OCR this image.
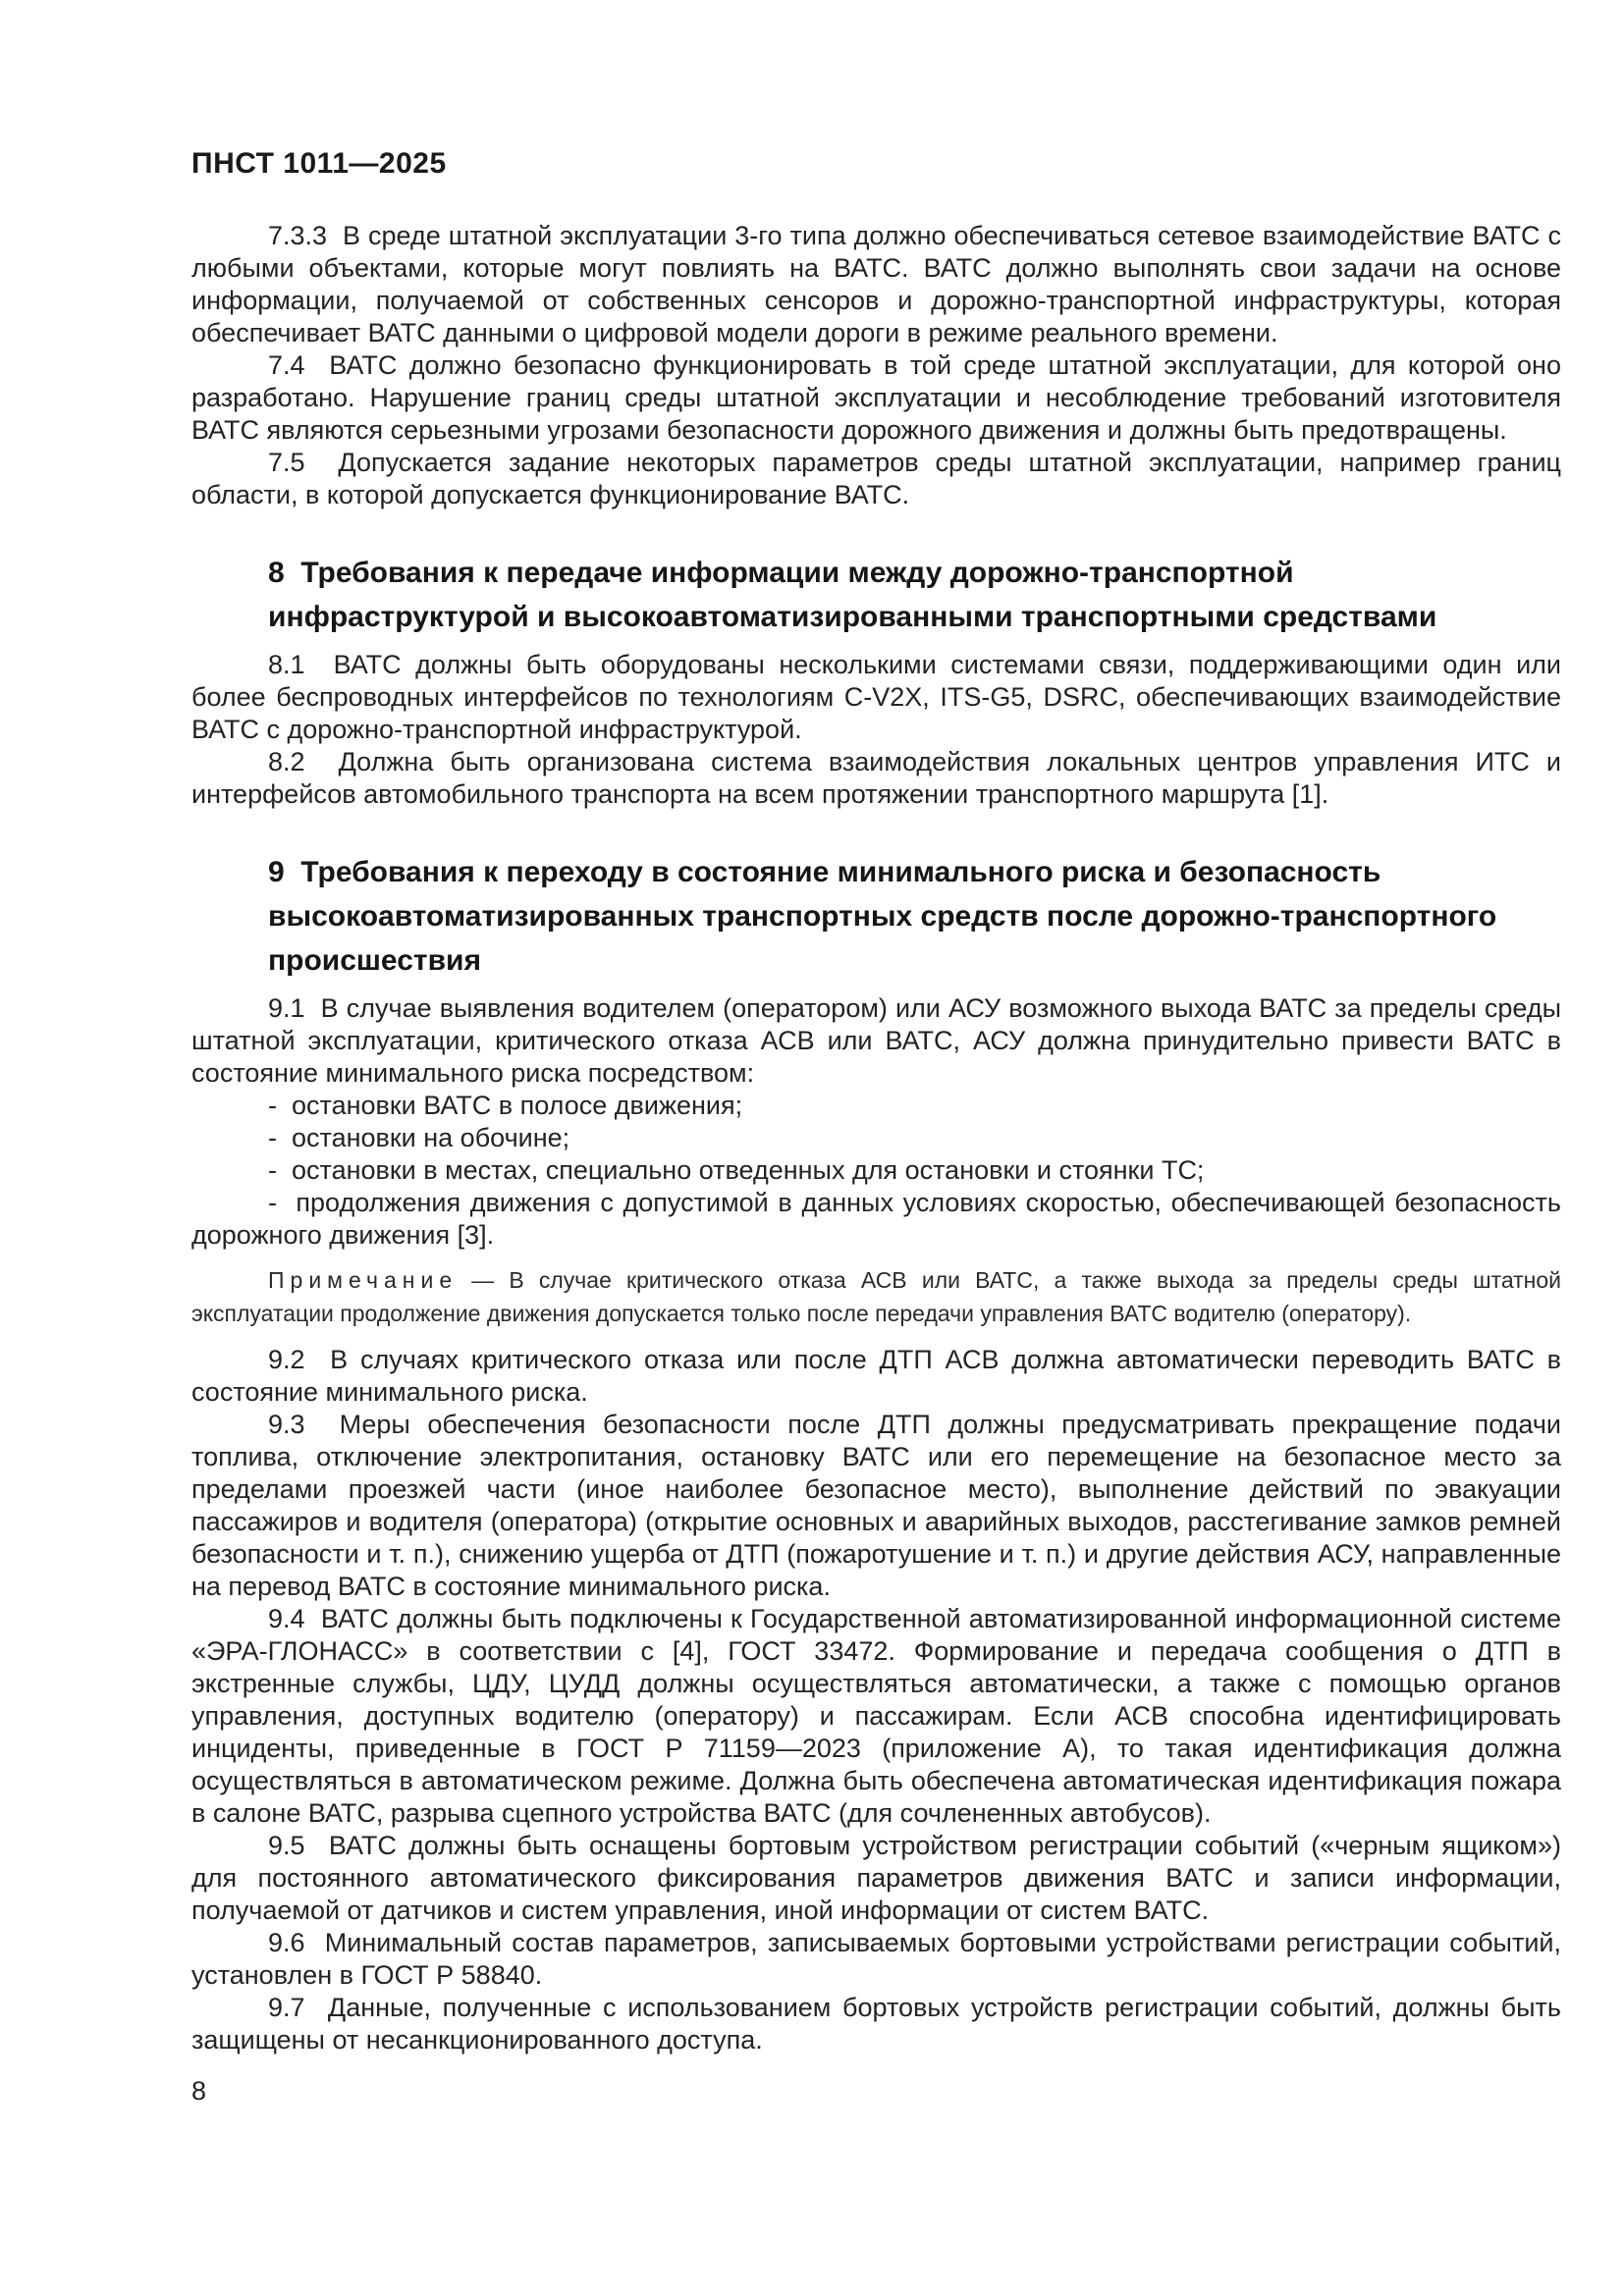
ПНСТ 1011—2025

7.3.3  В среде штатной эксплуатации 3-го типа должно обеспечиваться сетевое взаимодействие ВАТС с любыми объектами, которые могут повлиять на ВАТС. ВАТС должно выполнять свои задачи на основе информации, получаемой от собственных сенсоров и дорожно-транспортной инфраструктуры, которая обеспечивает ВАТС данными о цифровой модели дороги в режиме реального времени.

7.4  ВАТС должно безопасно функционировать в той среде штатной эксплуатации, для которой оно разработано. Нарушение границ среды штатной эксплуатации и несоблюдение требований изготовителя ВАТС являются серьезными угрозами безопасности дорожного движения и должны быть предотвращены.

7.5  Допускается задание некоторых параметров среды штатной эксплуатации, например границ области, в которой допускается функционирование ВАТС.

8  Требования к передаче информации между дорожно-транспортной инфраструктурой и высокоавтоматизированными транспортными средствами

8.1  ВАТС должны быть оборудованы несколькими системами связи, поддерживающими один или более беспроводных интерфейсов по технологиям C-V2X, ITS-G5, DSRC, обеспечивающих взаимодействие ВАТС с дорожно-транспортной инфраструктурой.

8.2  Должна быть организована система взаимодействия локальных центров управления ИТС и интерфейсов автомобильного транспорта на всем протяжении транспортного маршрута [1].

9  Требования к переходу в состояние минимального риска и безопасность высокоавтоматизированных транспортных средств после дорожно-транспортного происшествия

9.1  В случае выявления водителем (оператором) или АСУ возможного выхода ВАТС за пределы среды штатной эксплуатации, критического отказа АСВ или ВАТС, АСУ должна принудительно привести ВАТС в состояние минимального риска посредством:

-  остановки ВАТС в полосе движения;

-  остановки на обочине;

-  остановки в местах, специально отведенных для остановки и стоянки ТС;

-  продолжения движения с допустимой в данных условиях скоростью, обеспечивающей безопасность дорожного движения [3].

Примечание — В случае критического отказа АСВ или ВАТС, а также выхода за пределы среды штатной эксплуатации продолжение движения допускается только после передачи управления ВАТС водителю (оператору).

9.2  В случаях критического отказа или после ДТП АСВ должна автоматически переводить ВАТС в состояние минимального риска.

9.3  Меры обеспечения безопасности после ДТП должны предусматривать прекращение подачи топлива, отключение электропитания, остановку ВАТС или его перемещение на безопасное место за пределами проезжей части (иное наиболее безопасное место), выполнение действий по эвакуации пассажиров и водителя (оператора) (открытие основных и аварийных выходов, расстегивание замков ремней безопасности и т. п.), снижению ущерба от ДТП (пожаротушение и т. п.) и другие действия АСУ, направленные на перевод ВАТС в состояние минимального риска.

9.4  ВАТС должны быть подключены к Государственной автоматизированной информационной системе «ЭРА-ГЛОНАСС» в соответствии с [4], ГОСТ 33472. Формирование и передача сообщения о ДТП в экстренные службы, ЦДУ, ЦУДД должны осуществляться автоматически, а также с помощью органов управления, доступных водителю (оператору) и пассажирам. Если АСВ способна идентифицировать инциденты, приведенные в ГОСТ Р 71159—2023 (приложение А), то такая идентификация должна осуществляться в автоматическом режиме. Должна быть обеспечена автоматическая идентификация пожара в салоне ВАТС, разрыва сцепного устройства ВАТС (для сочлененных автобусов).

9.5  ВАТС должны быть оснащены бортовым устройством регистрации событий («черным ящиком») для постоянного автоматического фиксирования параметров движения ВАТС и записи информации, получаемой от датчиков и систем управления, иной информации от систем ВАТС.

9.6  Минимальный состав параметров, записываемых бортовыми устройствами регистрации событий, установлен в ГОСТ Р 58840.

9.7  Данные, полученные с использованием бортовых устройств регистрации событий, должны быть защищены от несанкционированного доступа.

8
